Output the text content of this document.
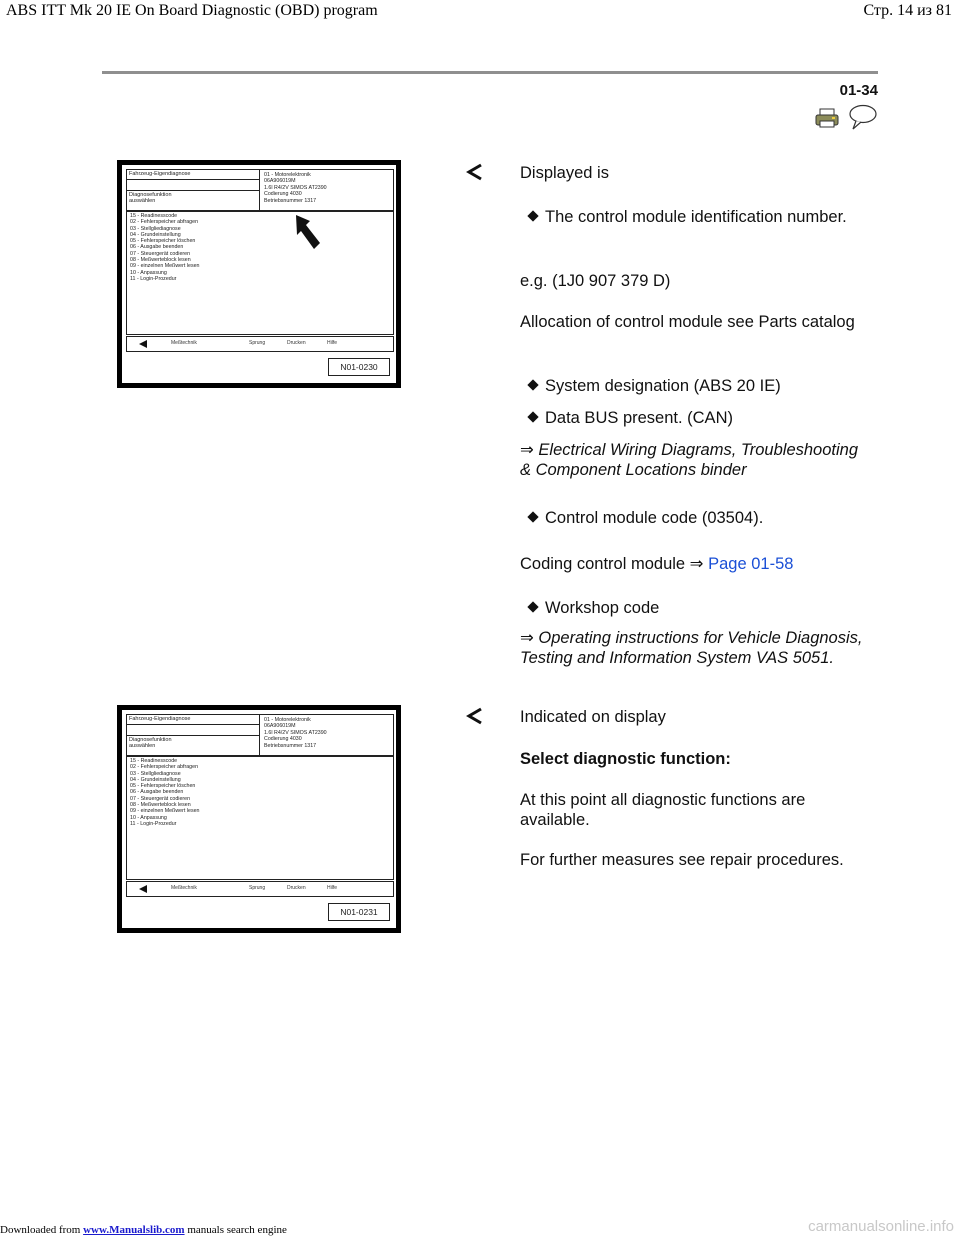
ABS ITT Mk 20 IE On Board Diagnostic (OBD) program	Стр. 14 из 81
01-34
Fahrzeug-Eigendiagnose
Diagnosefunktion
auswählen
01 - Motorelektronik
06A906019M
1.6l R4/2V SIMOS AT2390
Codierung 4030
Betriebsnummer 1317
15 - Readinesscode
02 - Fehlerspeicher abfragen
03 - Stellgliediagnose
04 - Grundeinstellung
05 - Fehlerspeicher löschen
06 - Ausgabe beenden
07 - Steuergerät codieren
08 - Meßwerteblock lesen
09 - einzelnen Meßwert lesen
10 - Anpassung
11 - Login-Prozedur
Meßtechnik	Sprung	Drucken	Hilfe
N01-0230
Displayed is
The control module identification number.
e.g. (1J0 907 379 D)
Allocation of control module see Parts catalog
System designation (ABS 20 IE)
Data BUS present. (CAN)
⇒ Electrical Wiring Diagrams, Troubleshooting & Component Locations binder
Control module code (03504).
Coding control module ⇒ Page 01-58
Workshop code
⇒ Operating instructions for Vehicle Diagnosis, Testing and Information System VAS 5051.
Fahrzeug-Eigendiagnose
Diagnosefunktion
auswählen
01 - Motorelektronik
06A906019M
1.6l R4/2V SIMOS AT2390
Codierung 4030
Betriebsnummer 1317
15 - Readinesscode
02 - Fehlerspeicher abfragen
03 - Stellgliediagnose
04 - Grundeinstellung
05 - Fehlerspeicher löschen
06 - Ausgabe beenden
07 - Steuergerät codieren
08 - Meßwerteblock lesen
09 - einzelnen Meßwert lesen
10 - Anpassung
11 - Login-Prozedur
Meßtechnik	Sprung	Drucken	Hilfe
N01-0231
Indicated on display
Select diagnostic function:
At this point all diagnostic functions are available.
For further measures see repair procedures.
Downloaded from www.Manualslib.com manuals search engine	carmanualsonline.info
